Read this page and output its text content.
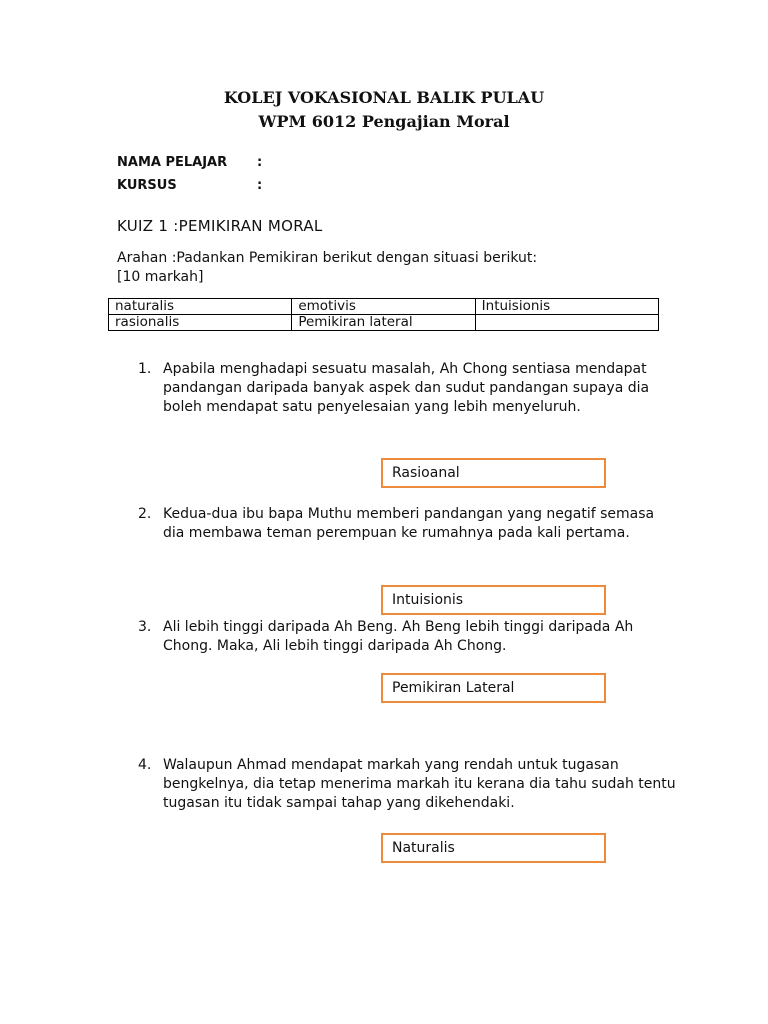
KOLEJ VOKASIONAL BALIK PULAU
WPM 6012 Pengajian Moral
NAMA PELAJAR :
KURSUS	:
KUIZ 1 :PEMIKIRAN MORAL
Arahan :Padankan Pemikiran berikut dengan situasi berikut:
[10 markah]
naturalis	emotivis	Intuisionis
rasionalis	Pemikiran lateral	
1. Apabila menghadapi sesuatu masalah, Ah Chong sentiasa mendapat pandangan daripada banyak aspek dan sudut pandangan supaya dia boleh mendapat satu penyelesaian yang lebih menyeluruh.
Rasioanal
2. Kedua-dua ibu bapa Muthu memberi pandangan yang negatif semasa dia membawa teman perempuan ke rumahnya pada kali pertama.
Intuisionis
3. Ali lebih tinggi daripada Ah Beng. Ah Beng lebih tinggi daripada Ah Chong. Maka, Ali lebih tinggi daripada Ah Chong.
Pemikiran Lateral
4. Walaupun Ahmad mendapat markah yang rendah untuk tugasan bengkelnya, dia tetap menerima markah itu kerana dia tahu sudah tentu tugasan itu tidak sampai tahap yang dikehendaki.
Naturalis
